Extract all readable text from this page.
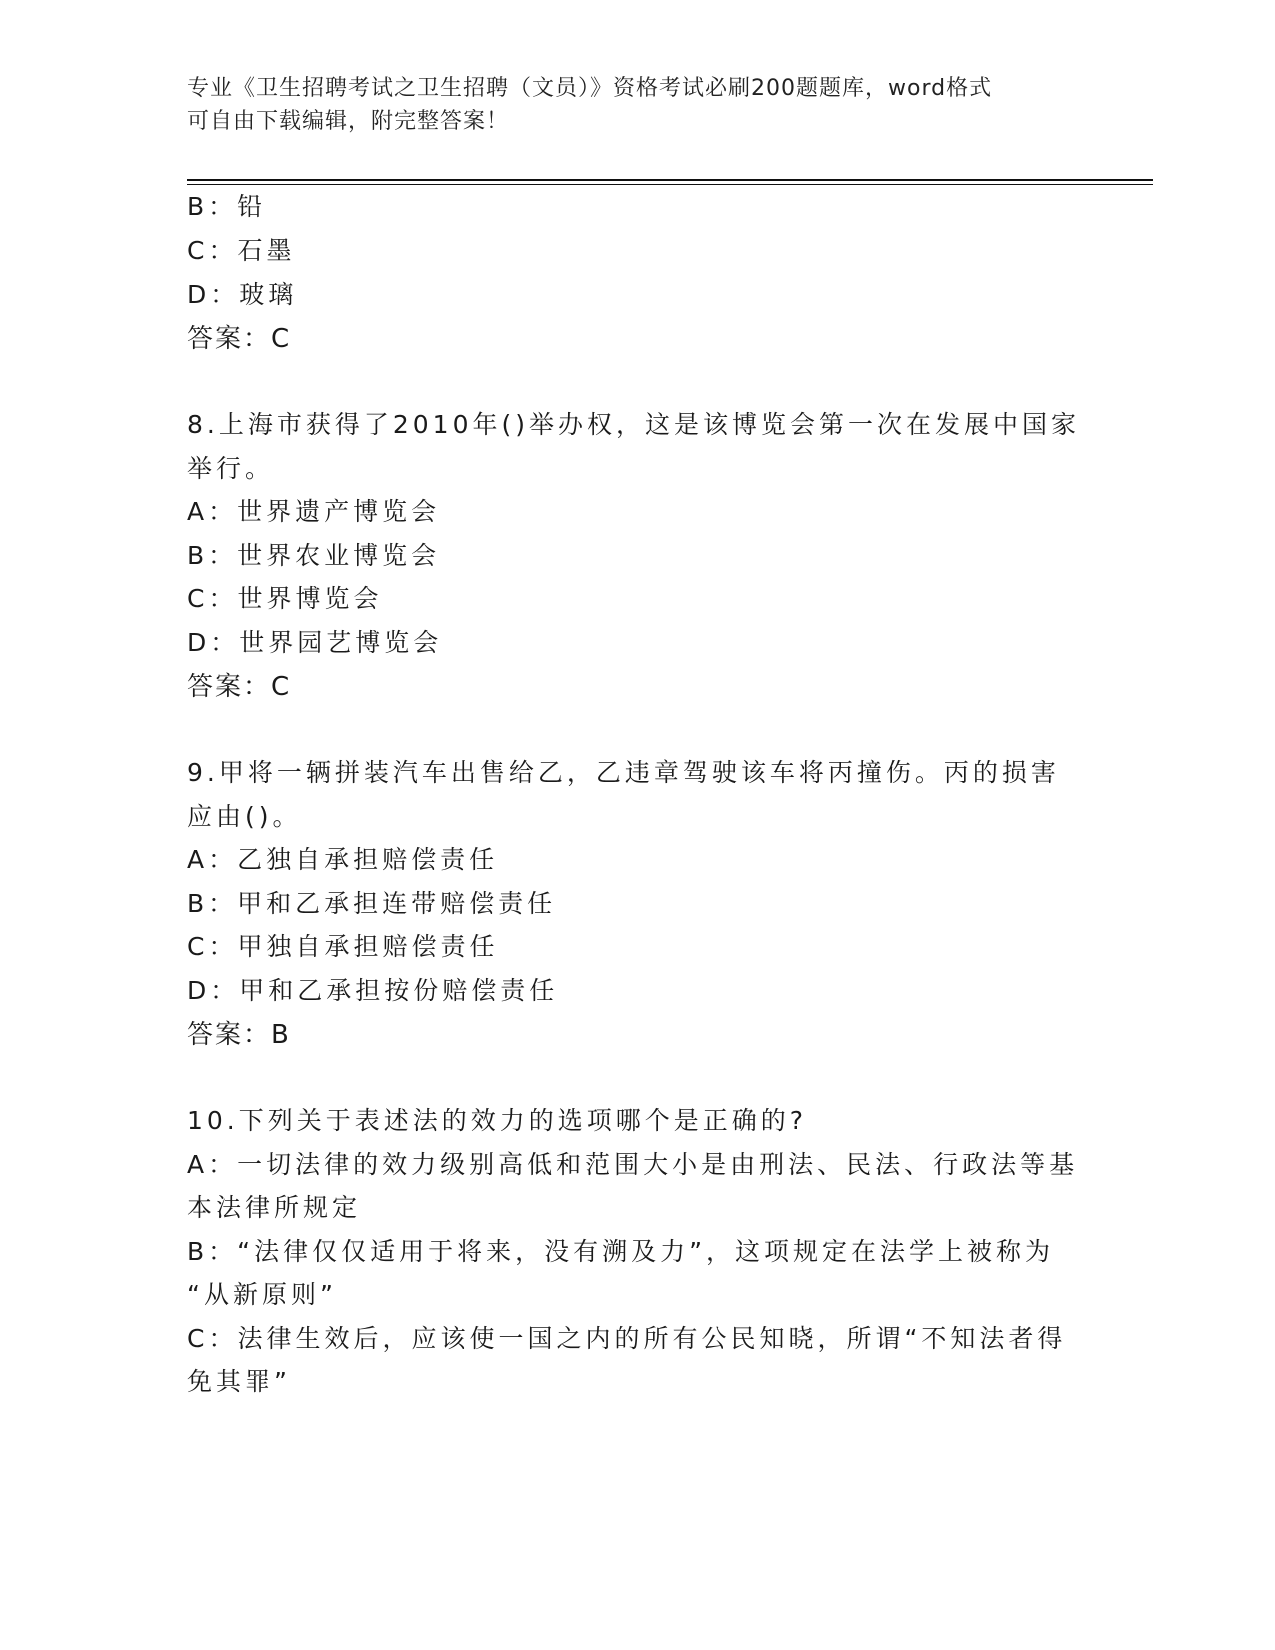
专业《卫生招聘考试之卫生招聘（文员）》资格考试必刷200题题库，word格式
可自由下载编辑，附完整答案！
B：铅
C：石墨
D：玻璃
答案：C
8.上海市获得了2010年()举办权，这是该博览会第一次在发展中国家
举行。
A：世界遗产博览会
B：世界农业博览会
C：世界博览会
D：世界园艺博览会
答案：C
9.甲将一辆拼装汽车出售给乙，乙违章驾驶该车将丙撞伤。丙的损害
应由()。
A：乙独自承担赔偿责任
B：甲和乙承担连带赔偿责任
C：甲独自承担赔偿责任
D：甲和乙承担按份赔偿责任
答案：B
10.下列关于表述法的效力的选项哪个是正确的?
A：一切法律的效力级别高低和范围大小是由刑法、民法、行政法等基
本法律所规定
B：“法律仅仅适用于将来，没有溯及力”，这项规定在法学上被称为
“从新原则”
C：法律生效后，应该使一国之内的所有公民知晓，所谓“不知法者得
免其罪”
